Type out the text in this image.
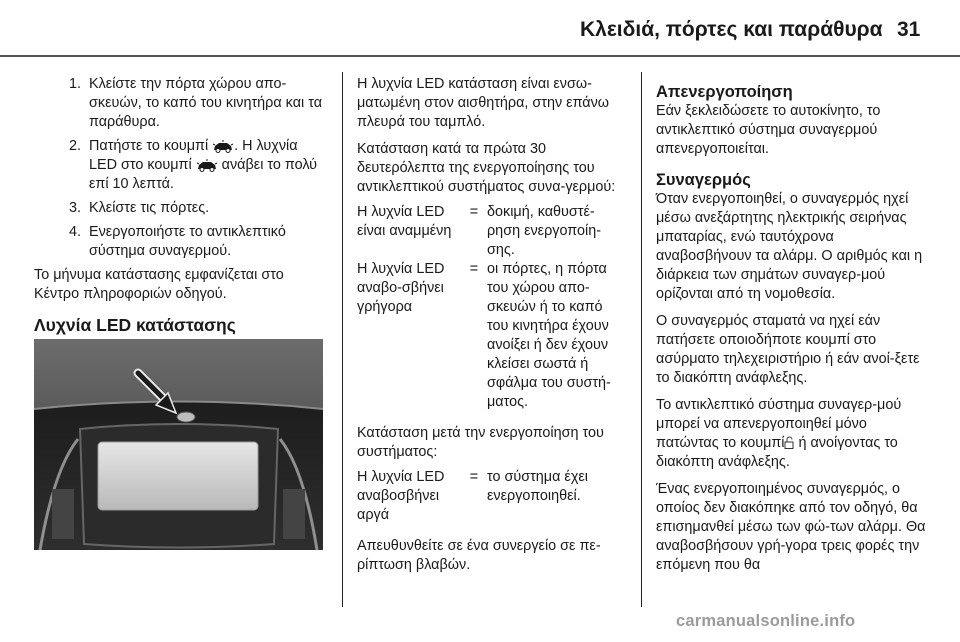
Κλειδιά, πόρτες και παράθυρα 31
1. Κλείστε την πόρτα χώρου απο-σκευών, το καπό του κινητήρα και τα παράθυρα.
2. Πατήστε το κουμπί . Η λυχνία LED στο κουμπί  ανάβει το πολύ επί 10 λεπτά.
3. Κλείστε τις πόρτες.
4. Ενεργοποιήστε το αντικλεπτικό σύστημα συναγερμού.

Το μήνυμα κατάστασης εμφανίζεται στο Κέντρο πληροφοριών οδηγού.

Λυχνία LED κατάστασης

Η λυχνία LED κατάσταση είναι ενσω-ματωμένη στον αισθητήρα, στην επάνω πλευρά του ταμπλό.

Κατάσταση κατά τα πρώτα 30 δευτερόλεπτα της ενεργοποίησης του αντικλεπτικού συστήματος συνα-γερμού:

Η λυχνία LED είναι αναμμένη	=	δοκιμή, καθυστέ-ρηση ενεργοποίη-σης.
Η λυχνία LED αναβο-σβήνει γρήγορα	=	οι πόρτες, η πόρτα του χώρου απο-σκευών ή το καπό του κινητήρα έχουν ανοίξει ή δεν έχουν κλείσει σωστά ή σφάλμα του συστή-ματος.

Κατάσταση μετά την ενεργοποίηση του συστήματος:

Η λυχνία LED αναβοσβήνει αργά	=	το σύστημα έχει ενεργοποιηθεί.

Απευθυνθείτε σε ένα συνεργείο σε πε-ρίπτωση βλαβών.

Απενεργοποίηση

Εάν ξεκλειδώσετε το αυτοκίνητο, το αντικλεπτικό σύστημα συναγερμού απενεργοποιείται.

Συναγερμός

Όταν ενεργοποιηθεί, ο συναγερμός ηχεί μέσω ανεξάρτητης ηλεκτρικής σειρήνας μπαταρίας, ενώ ταυτόχρονα αναβοσβήνουν τα αλάρμ. Ο αριθμός και η διάρκεια των σημάτων συναγερ-μού ορίζονται από τη νομοθεσία.

Ο συναγερμός σταματά να ηχεί εάν πατήσετε οποιοδήποτε κουμπί στο ασύρματο τηλεχειριστήριο ή εάν ανοί-ξετε το διακόπτη ανάφλεξης.

Το αντικλεπτικό σύστημα συναγερ-μού μπορεί να απενεργοποιηθεί μόνο πατώντας το κουμπί ή ανοίγοντας το διακόπτη ανάφλεξης.

Ένας ενεργοποιημένος συναγερμός, ο οποίος δεν διακόπηκε από τον οδηγό, θα επισημανθεί μέσω των φώ-των αλάρμ. Θα αναβοσβήσουν γρή-γορα τρεις φορές την επόμενη που θα

carmanualsonline.info
